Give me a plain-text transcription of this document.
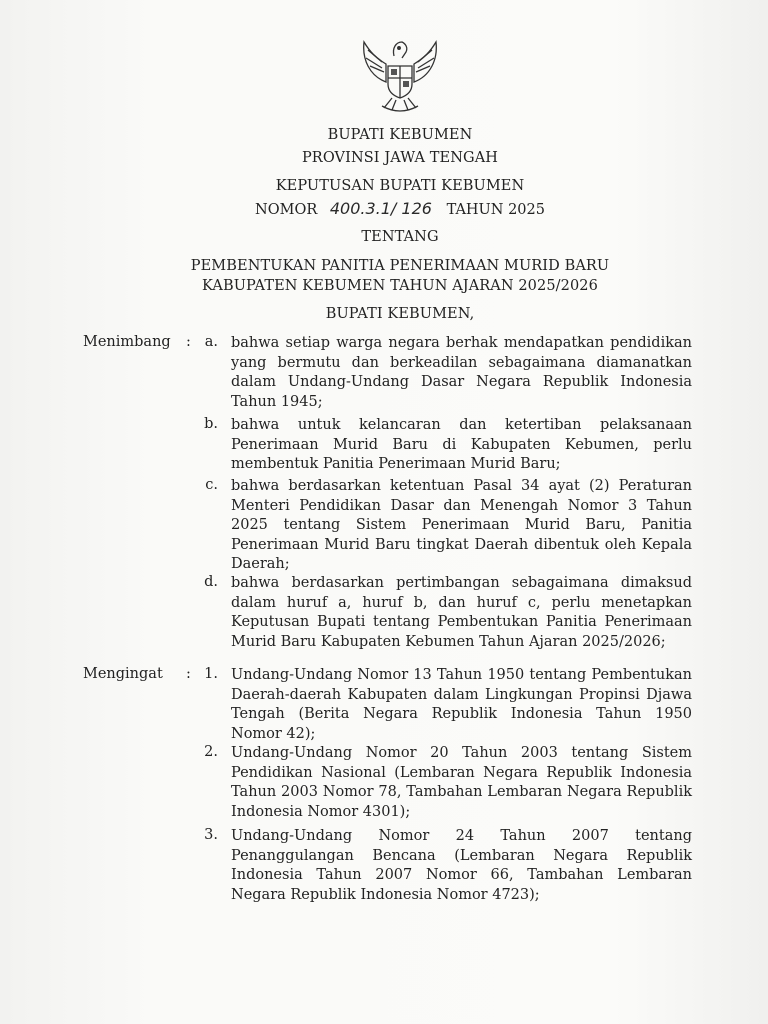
BUPATI KEBUMEN
PROVINSI JAWA TENGAH
KEPUTUSAN BUPATI KEBUMEN
NOMOR 400.3.1/ 126 TAHUN 2025
TENTANG
PEMBENTUKAN PANITIA PENERIMAAN MURID BARU
KABUPATEN KEBUMEN TAHUN AJARAN 2025/2026
BUPATI KEBUMEN,
Menimbang : a. bahwa setiap warga negara berhak mendapatkan pendidikan yang bermutu dan berkeadilan sebagaimana diamanatkan dalam Undang-Undang Dasar Negara Republik Indonesia Tahun 1945;
b. bahwa untuk kelancaran dan ketertiban pelaksanaan Penerimaan Murid Baru di Kabupaten Kebumen, perlu membentuk Panitia Penerimaan Murid Baru;
c. bahwa berdasarkan ketentuan Pasal 34 ayat (2) Peraturan Menteri Pendidikan Dasar dan Menengah Nomor 3 Tahun 2025 tentang Sistem Penerimaan Murid Baru, Panitia Penerimaan Murid Baru tingkat Daerah dibentuk oleh Kepala Daerah;
d. bahwa berdasarkan pertimbangan sebagaimana dimaksud dalam huruf a, huruf b, dan huruf c, perlu menetapkan Keputusan Bupati tentang Pembentukan Panitia Penerimaan Murid Baru Kabupaten Kebumen Tahun Ajaran 2025/2026;
Mengingat : 1. Undang-Undang Nomor 13 Tahun 1950 tentang Pembentukan Daerah-daerah Kabupaten dalam Lingkungan Propinsi Djawa Tengah (Berita Negara Republik Indonesia Tahun 1950 Nomor 42);
2. Undang-Undang Nomor 20 Tahun 2003 tentang Sistem Pendidikan Nasional (Lembaran Negara Republik Indonesia Tahun 2003 Nomor 78, Tambahan Lembaran Negara Republik Indonesia Nomor 4301);
3. Undang-Undang Nomor 24 Tahun 2007 tentang Penanggulangan Bencana (Lembaran Negara Republik Indonesia Tahun 2007 Nomor 66, Tambahan Lembaran Negara Republik Indonesia Nomor 4723);
